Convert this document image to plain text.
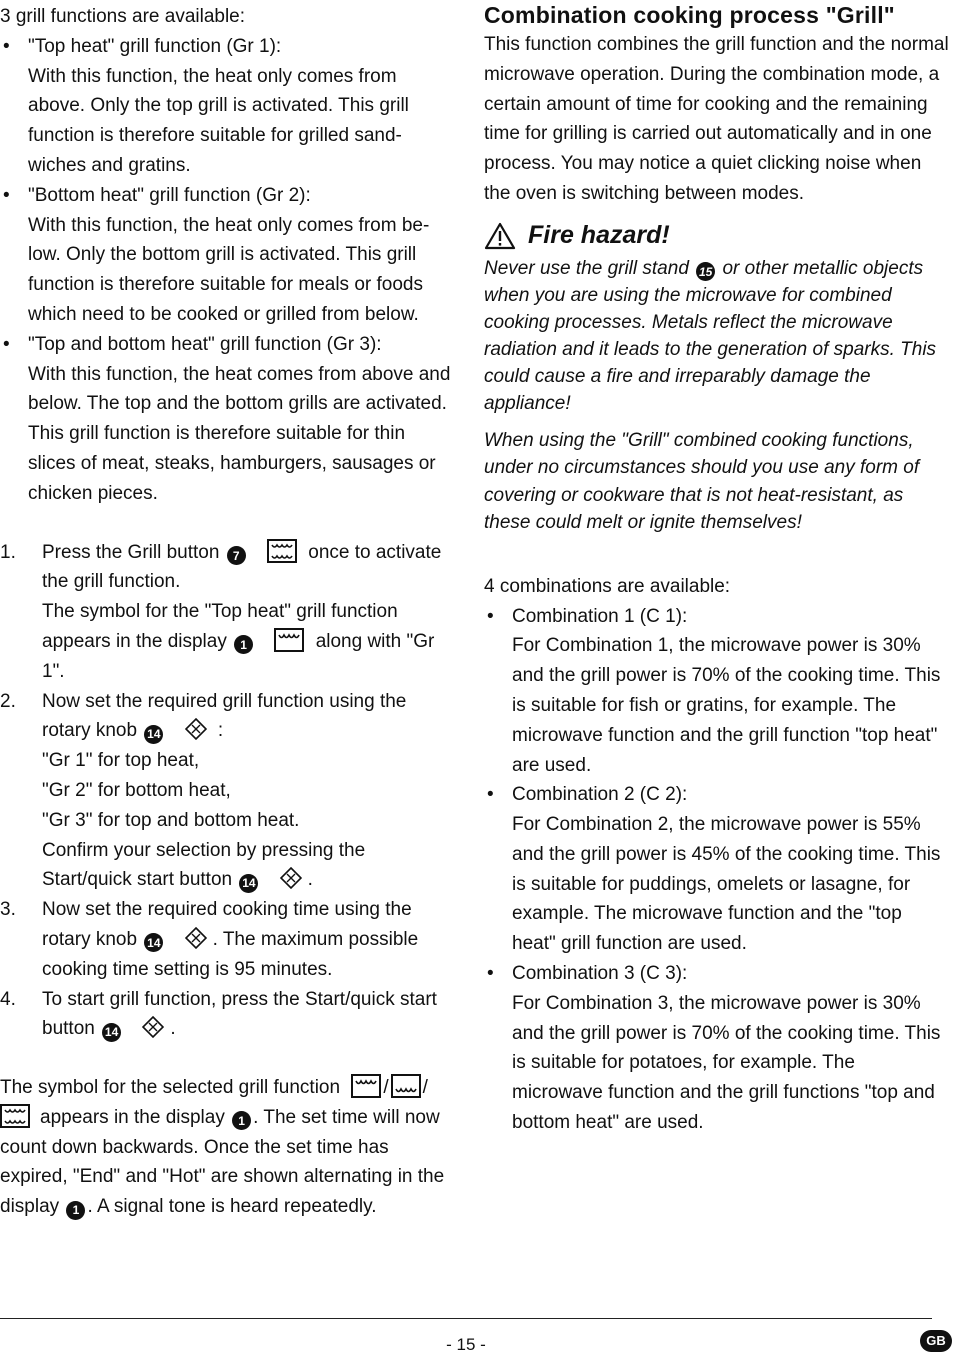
3 grill functions are available:

• "Top heat" grill function (Gr 1):

With this function, the heat only comes from above. Only the top grill is activated. This grill function is therefore suitable for grilled sand-wiches and gratins.

• "Bottom heat" grill function (Gr 2):

With this function, the heat only comes from be-low. Only the bottom grill is activated. This grill function is therefore suitable for meals or foods which need to be cooked or grilled from below.

• "Top and bottom heat" grill function (Gr 3):

With this function, the heat comes from above and below. The top and the bottom grills are activated. This grill function is therefore suitable for thin slices of meat, steaks, hamburgers, sausages or chicken pieces.

1. Press the Grill button 7	once to activate the grill function.
The symbol for the "Top heat" grill function appears in the display 1	along with "Gr 1".
2. Now set the required grill function using the rotary knob 14	:

"Gr 1" for top heat,

"Gr 2" for bottom heat,

"Gr 3" for top and bottom heat.

Confirm your selection by pressing the Start/quick start button 14	.
3. Now set the required cooking time using the rotary knob 14	. The maximum possible cooking time setting is 95 minutes.
4. To start grill function, press the Start/quick start button 14	.

The symbol for the selected grill function / /

appears in the display 1 . The set time will now count down backwards. Once the set time has expired, "End" and "Hot" are shown alternating in the display 1 . A signal tone is heard repeatedly.

Combination cooking process "Grill"

This function combines the grill function and the normal microwave operation. During the combination mode, a certain amount of time for cooking and the remaining time for grilling is carried out automatically and in one process. You may notice a quiet clicking noise when the oven is switching between modes.

Fire hazard!

Never use the grill stand 15 or other metallic objects when you are using the microwave for combined cooking processes. Metals reflect the microwave radiation and it leads to the generation of sparks. This could cause a fire and irreparably damage the appliance!

When using the "Grill" combined cooking functions, under no circumstances should you use any form of covering or cookware that is not heat-resistant, as these could melt or ignite themselves!

4 combinations are available:

• Combination 1 (C 1):

For Combination 1, the microwave power is 30% and the grill power is 70% of the cooking time. This is suitable for fish or gratins, for example. The microwave function and the grill function "top heat" are used.

• Combination 2 (C 2):

For Combination 2, the microwave power is 55% and the grill power is 45% of the cooking time. This is suitable for puddings, omelets or lasagne, for example. The microwave function and the "top heat" grill function are used.

• Combination 3 (C 3):

For Combination 3, the microwave power is 30% and the grill power is 70% of the cooking time. This is suitable for potatoes, for example. The microwave function and the grill functions "top and bottom heat" are used.

- 15 -	GB
